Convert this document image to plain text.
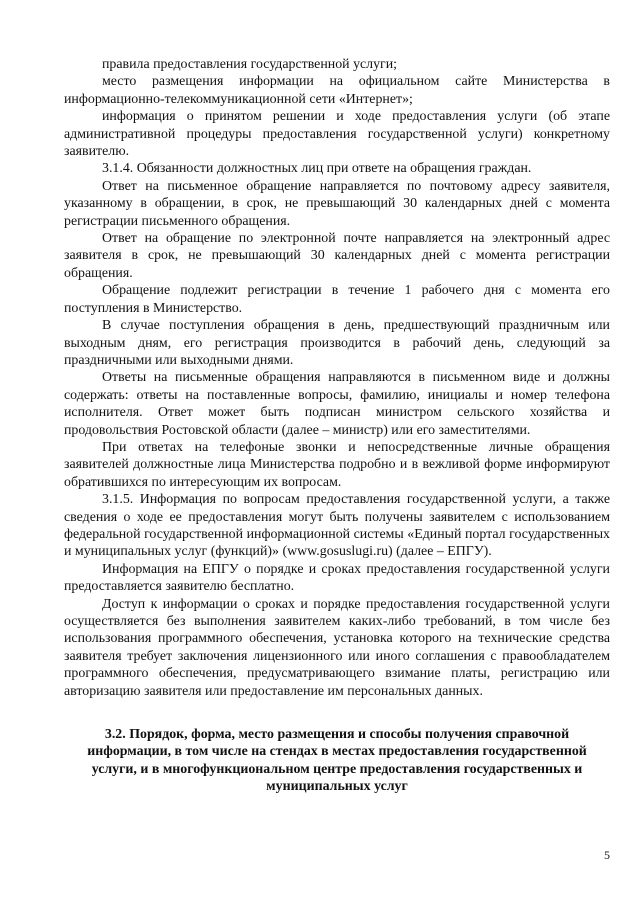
правила предоставления государственной услуги;

место размещения информации на официальном сайте Министерства в информационно-телекоммуникационной сети «Интернет»;

информация о принятом решении и ходе предоставления услуги (об этапе административной процедуры предоставления государственной услуги) конкретному заявителю.

3.1.4. Обязанности должностных лиц при ответе на обращения граждан.

Ответ на письменное обращение направляется по почтовому адресу заявителя, указанному в обращении, в срок, не превышающий 30 календарных дней с момента регистрации письменного обращения.

Ответ на обращение по электронной почте направляется на электронный адрес заявителя в срок, не превышающий 30 календарных дней с момента регистрации обращения.

Обращение подлежит регистрации в течение 1 рабочего дня с момента его поступления в Министерство.

В случае поступления обращения в день, предшествующий праздничным или выходным дням, его регистрация производится в рабочий день, следующий за праздничными или выходными днями.

Ответы на письменные обращения направляются в письменном виде и должны содержать: ответы на поставленные вопросы, фамилию, инициалы и номер телефона исполнителя. Ответ может быть подписан министром сельского хозяйства и продовольствия Ростовской области (далее – министр) или его заместителями.

При ответах на телефоные звонки и непосредственные личные обращения заявителей должностные лица Министерства подробно и в вежливой форме информируют обратившихся по интересующим их вопросам.

3.1.5. Информация по вопросам предоставления государственной услуги, а также сведения о ходе ее предоставления могут быть получены заявителем с использованием федеральной государственной информационной системы «Единый портал государственных и муниципальных услуг (функций)» (www.gosuslugi.ru) (далее – ЕПГУ).

Информация на ЕПГУ о порядке и сроках предоставления государственной услуги предоставляется заявителю бесплатно.

Доступ к информации о сроках и порядке предоставления государственной услуги осуществляется без выполнения заявителем каких-либо требований, в том числе без использования программного обеспечения, установка которого на технические средства заявителя требует заключения лицензионного или иного соглашения с правообладателем программного обеспечения, предусматривающего взимание платы, регистрацию или авторизацию заявителя или предоставление им персональных данных.

3.2. Порядок, форма, место размещения и способы получения справочной информации, в том числе на стендах в местах предоставления государственной услуги, и в многофункциональном центре предоставления государственных и муниципальных услуг

5
